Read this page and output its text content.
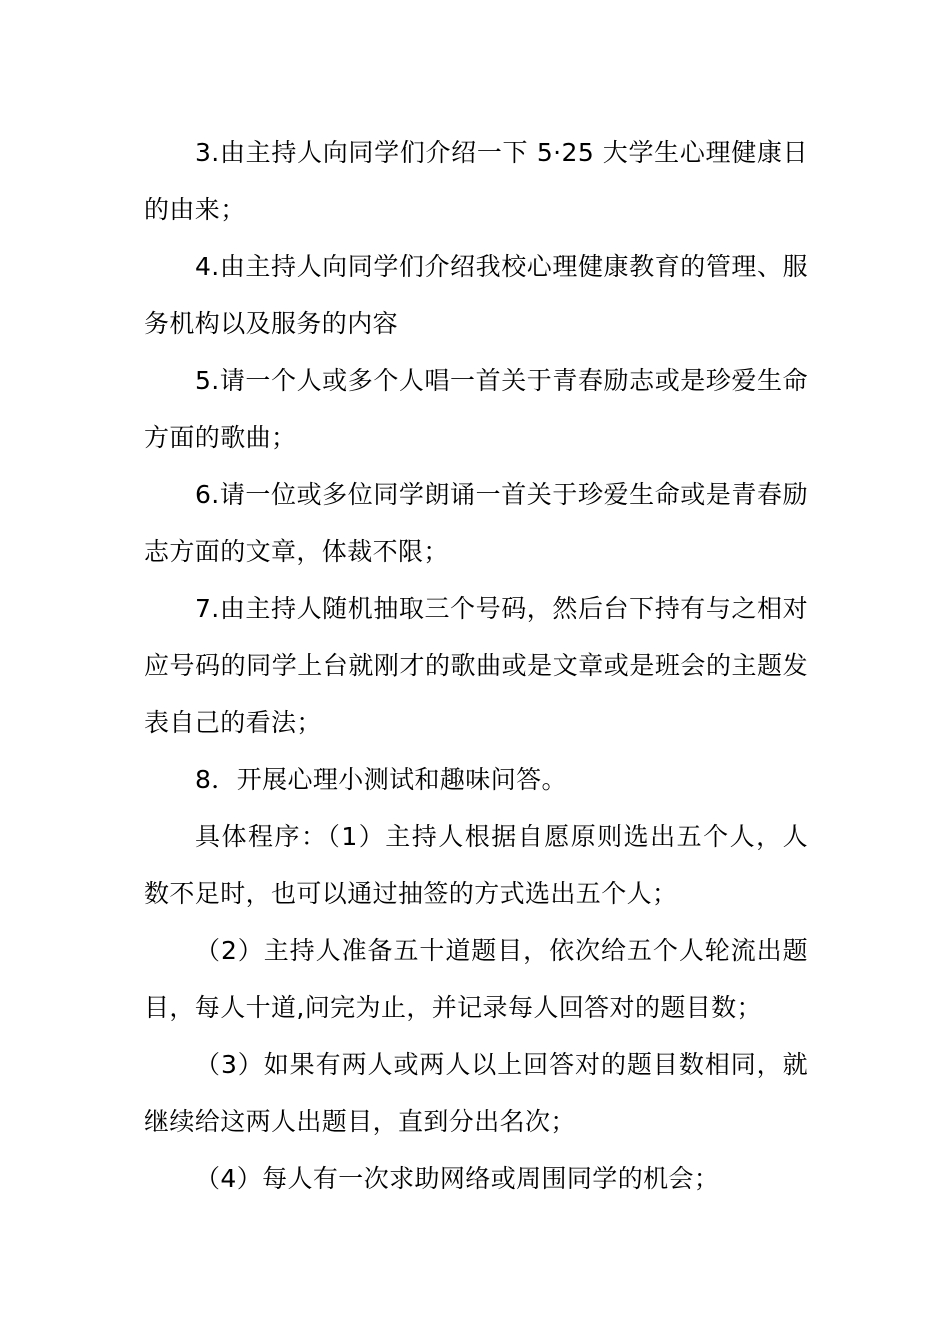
3.由主持人向同学们介绍一下 5·25 大学生心理健康日的由来；

4.由主持人向同学们介绍我校心理健康教育的管理、服务机构以及服务的内容

5.请一个人或多个人唱一首关于青春励志或是珍爱生命方面的歌曲；

6.请一位或多位同学朗诵一首关于珍爱生命或是青春励志方面的文章，体裁不限；

7.由主持人随机抽取三个号码，然后台下持有与之相对应号码的同学上台就刚才的歌曲或是文章或是班会的主题发表自己的看法；

8．开展心理小测试和趣味问答。

具体程序：（1）主持人根据自愿原则选出五个人，人数不足时，也可以通过抽签的方式选出五个人；

（2）主持人准备五十道题目，依次给五个人轮流出题目，每人十道,问完为止，并记录每人回答对的题目数；

（3）如果有两人或两人以上回答对的题目数相同，就继续给这两人出题目，直到分出名次；

（4）每人有一次求助网络或周围同学的机会；
